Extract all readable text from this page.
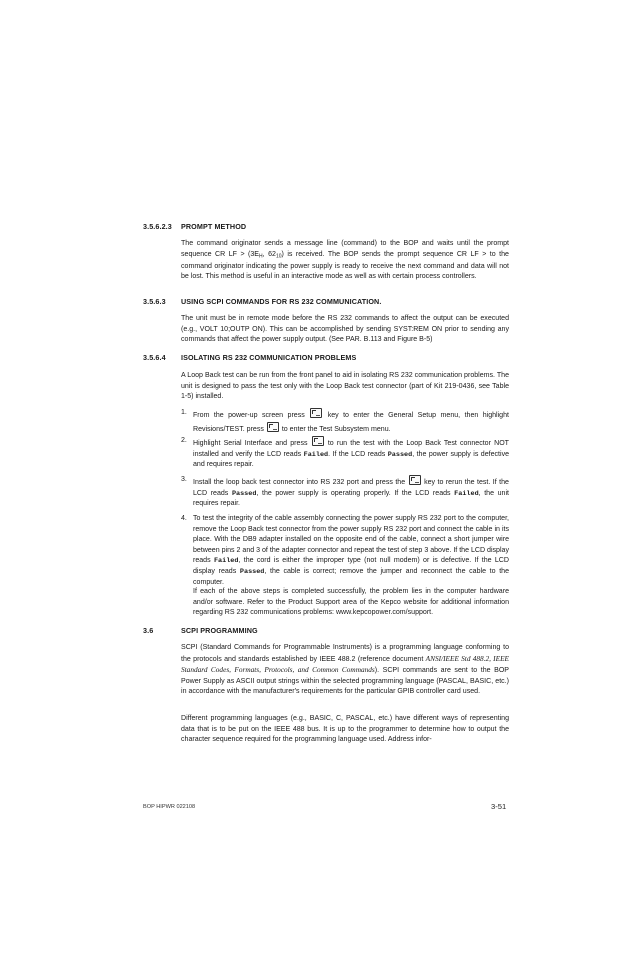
3.5.6.2.3 PROMPT METHOD

The command originator sends a message line (command) to the BOP and waits until the prompt sequence CR LF > ($3E_H$, $62_{10}$) is received. The BOP sends the prompt sequence CR LF > to the command originator indicating the power supply is ready to receive the next command and data will not be lost. This method is useful in an interactive mode as well as with certain process controllers.

3.5.6.3 USING SCPI COMMANDS FOR RS 232 COMMUNICATION.

The unit must be in remote mode before the RS 232 commands to affect the output can be executed (e.g., VOLT 10;OUTP ON). This can be accomplished by sending SYST:REM ON prior to sending any commands that affect the power supply output. (See PAR. B.113 and Figure B-5)

3.5.6.4 ISOLATING RS 232 COMMUNICATION PROBLEMS

A Loop Back test can be run from the front panel to aid in isolating RS 232 communication problems. The unit is designed to pass the test only with the Loop Back test connector (part of Kit 219-0436, see Table 1-5) installed.

1. From the power-up screen press	key to enter the General Setup menu, then highlight Revisions/TEST. press	to enter the Test Subsystem menu.

2. Highlight Serial Interface and press	to run the test with the Loop Back Test connector NOT installed and verify the LCD reads Failed. If the LCD reads Passed, the power supply is defective and requires repair.

3. Install the loop back test connector into RS 232 port and press the	key to rerun the test. If the LCD reads Passed, the power supply is operating properly. If the LCD reads Failed, the unit requires repair.

4. To test the integrity of the cable assembly connecting the power supply RS 232 port to the computer, remove the Loop Back test connector from the power supply RS 232 port and connect the cable in its place. With the DB9 adapter installed on the opposite end of the cable, connect a short jumper wire between pins 2 and 3 of the adapter connector and repeat the test of step 3 above. If the LCD display reads Failed, the cord is either the improper type (not null modem) or is defective. If the LCD display reads Passed, the cable is correct; remove the jumper and reconnect the cable to the computer.

If each of the above steps is completed successfully, the problem lies in the computer hardware and/or software. Refer to the Product Support area of the Kepco website for additional information regarding RS 232 communications problems: www.kepcopower.com/support.

3.6	SCPI PROGRAMMING

SCPI (Standard Commands for Programmable Instruments) is a programming language conforming to the protocols and standards established by IEEE 488.2 (reference document ANSI/IEEE Std 488.2, IEEE Standard Codes, Formats, Protocols, and Common Commands). SCPI commands are sent to the BOP Power Supply as ASCII output strings within the selected programming language (PASCAL, BASIC, etc.) in accordance with the manufacturer's requirements for the particular GPIB controller card used.

Different programming languages (e.g., BASIC, C, PASCAL, etc.) have different ways of representing data that is to be put on the IEEE 488 bus. It is up to the programmer to determine how to output the character sequence required for the programming language used. Address infor-

BOP HIPWR 022108	3-51
